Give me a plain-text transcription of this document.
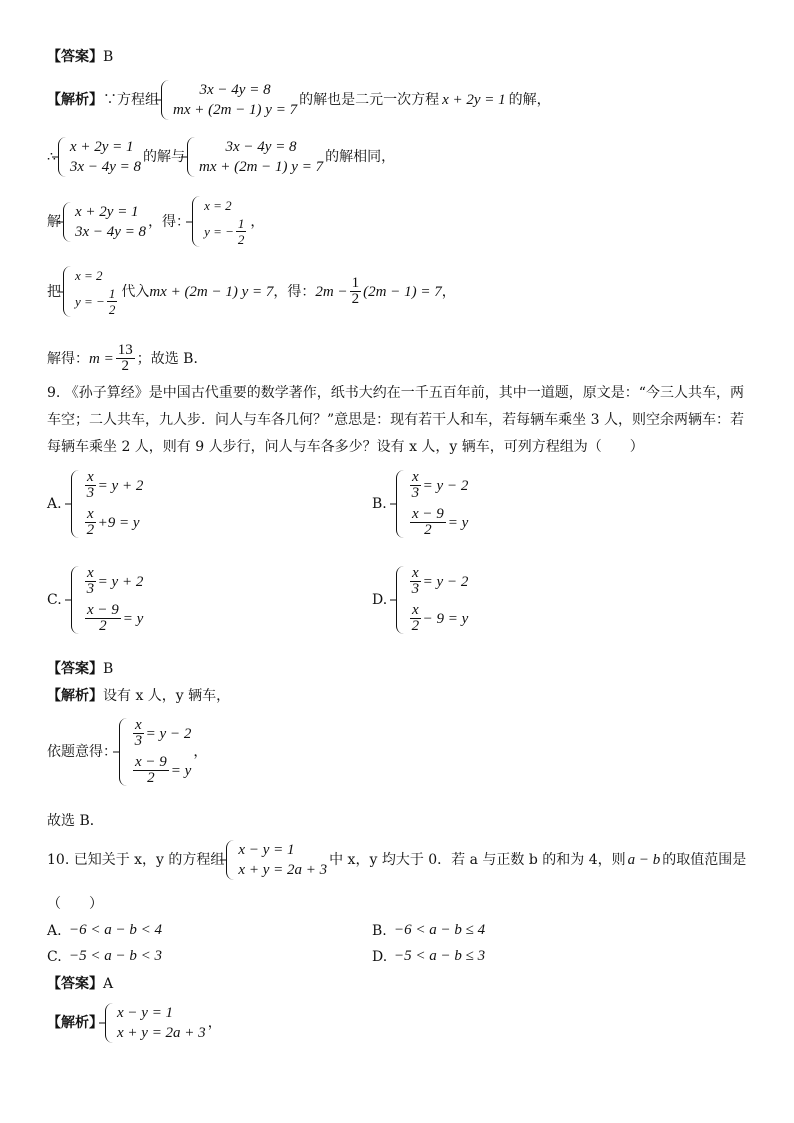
【答案】 B
【解析】 ∵方程组
3x − 4y = 8
mx + (2m − 1) y = 7
的解也是二元一次方程 x + 2y = 1 的解，
∴
x + 2y = 1
3x − 4y = 8
的解与
3x − 4y = 8
mx + (2m − 1) y = 7
的解相同，
解
x + 2y = 1
3x − 4y = 8
，得：
x = 2
y = − $\frac{1}{2}$ ，
把
x = 2
y = − $\frac{1}{2}$ 代入 mx + (2m − 1) y = 7 ，得： $2m - \frac{1}{2} (2m - 1) = 7$ ，
解得： $m = \frac{13}{2}$ ；故选 B．
9. 《孙子算经》是中国古代重要的数学著作，纸书大约在一千五百年前，其中一道题，原文是：“今三人共车，两
车空；二人共车，九人步．问人与车各几何？”意思是：现有若干人和车，若每辆车乘坐 3 人，则空余两辆车：若
每辆车乘坐 2 人，则有 9 人步行，问人与车各多少？设有 x 人，y 辆车，可列方程组为（　　）
A.
$\frac{x}{3} = y + 2$
$\frac{x}{2} +9 = y$
B.
$\frac{x}{3} = y - 2$
$\frac{x - 9}{2} = y$
C.
$\frac{x}{3} = y + 2$
$\frac{x - 9}{2} = y$
D.
$\frac{x}{3} = y - 2$
$\frac{x}{2} - 9 = y$
【答案】 B
【解析】 设有 x 人，y 辆车，
依题意得：
$\frac{x}{3} = y - 2$
$\frac{x - 9}{2} = y$
，
故选 B．
10. 已知关于 x，y 的方程组
x − y = 1
x + y = 2a + 3
中 x，y 均大于 0．若 a 与正数 b 的和为 4，则 a − b 的取值范围是
（　　）
A. −6 < a − b < 4	B. −6 < a − b ≤ 4
C. −5 < a − b < 3	D. −5 < a − b ≤ 3
【答案】 A
【解析】
x − y = 1
x + y = 2a + 3
，
